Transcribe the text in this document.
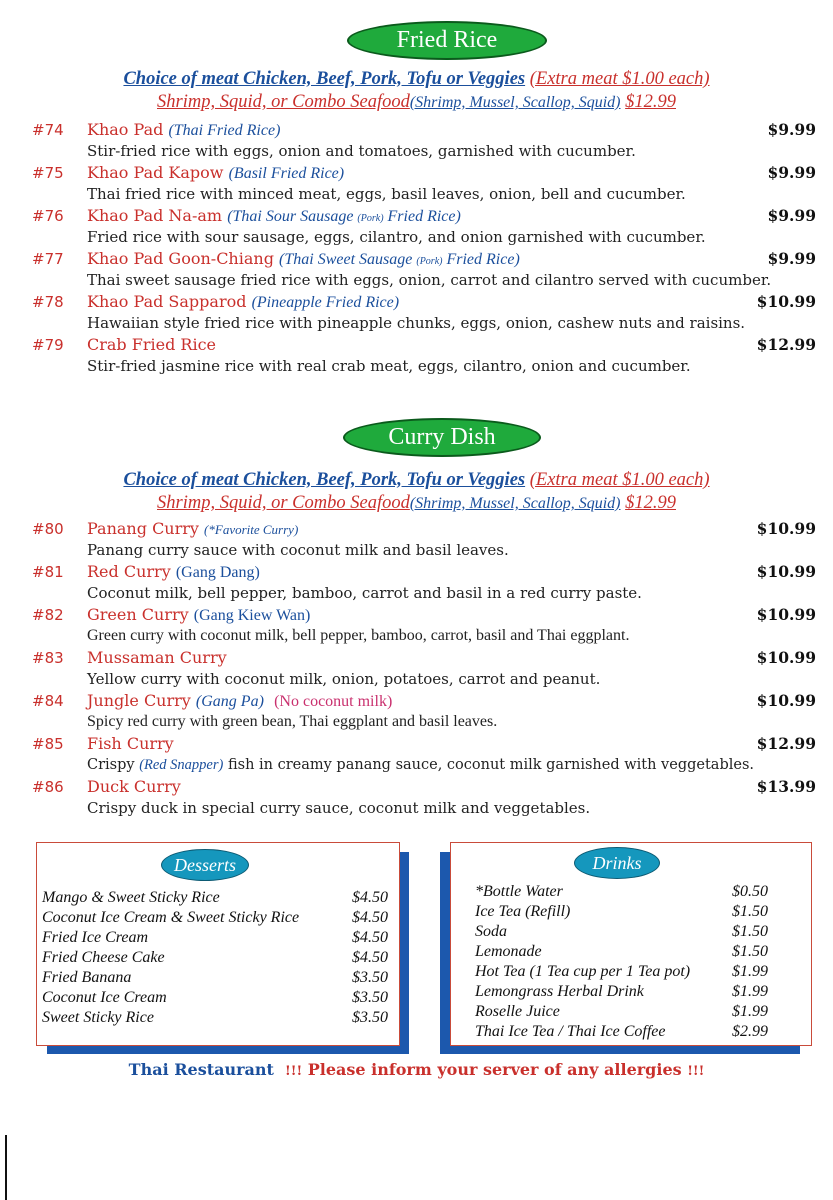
Fried Rice
Choice of meat Chicken, Beef, Pork, Tofu or Veggies (Extra meat $1.00 each)
Shrimp, Squid, or Combo Seafood(Shrimp, Mussel, Scallop, Squid) $12.99
#74 Khao Pad (Thai Fried Rice)	$9.99
Stir-fried rice with eggs, onion and tomatoes, garnished with cucumber.
#75 Khao Pad Kapow (Basil Fried Rice)	$9.99
Thai fried rice with minced meat, eggs, basil leaves, onion, bell and cucumber.
#76 Khao Pad Na-am (Thai Sour Sausage (Pork) Fried Rice)	$9.99
Fried rice with sour sausage, eggs, cilantro, and onion garnished with cucumber.
#77 Khao Pad Goon-Chiang (Thai Sweet Sausage (Pork) Fried Rice)	$9.99
Thai sweet sausage fried rice with eggs, onion, carrot and cilantro served with cucumber.
#78 Khao Pad Sapparod (Pineapple Fried Rice)	$10.99
Hawaiian style fried rice with pineapple chunks, eggs, onion, cashew nuts and raisins.
#79 Crab Fried Rice	$12.99
Stir-fried jasmine rice with real crab meat, eggs, cilantro, onion and cucumber.
Curry Dish
Choice of meat Chicken, Beef, Pork, Tofu or Veggies (Extra meat $1.00 each)
Shrimp, Squid, or Combo Seafood(Shrimp, Mussel, Scallop, Squid) $12.99
#80 Panang Curry (*Favorite Curry)	$10.99
Panang curry sauce with coconut milk and basil leaves.
#81 Red Curry (Gang Dang)	$10.99
Coconut milk, bell pepper, bamboo, carrot and basil in a red curry paste.
#82 Green Curry (Gang Kiew Wan)	$10.99
Green curry with coconut milk, bell pepper, bamboo, carrot, basil and Thai eggplant.
#83 Mussaman Curry	$10.99
Yellow curry with coconut milk, onion, potatoes, carrot and peanut.
#84 Jungle Curry (Gang Pa) (No coconut milk)	$10.99
Spicy red curry with green bean, Thai eggplant and basil leaves.
#85 Fish Curry	$12.99
Crispy (Red Snapper) fish in creamy panang sauce, coconut milk garnished with veggetables.
#86 Duck Curry	$13.99
Crispy duck in special curry sauce, coconut milk and veggetables.
Desserts
Mango & Sweet Sticky Rice	$4.50
Coconut Ice Cream & Sweet Sticky Rice	$4.50
Fried Ice Cream	$4.50
Fried Cheese Cake	$4.50
Fried Banana	$3.50
Coconut Ice Cream	$3.50
Sweet Sticky Rice	$3.50
Drinks
*Bottle Water	$0.50
Ice Tea (Refill)	$1.50
Soda	$1.50
Lemonade	$1.50
Hot Tea (1 Tea cup per 1 Tea pot)	$1.99
Lemongrass Herbal Drink	$1.99
Roselle Juice	$1.99
Thai Ice Tea / Thai Ice Coffee	$2.99
Thai Restaurant !!! Please inform your server of any allergies !!!
